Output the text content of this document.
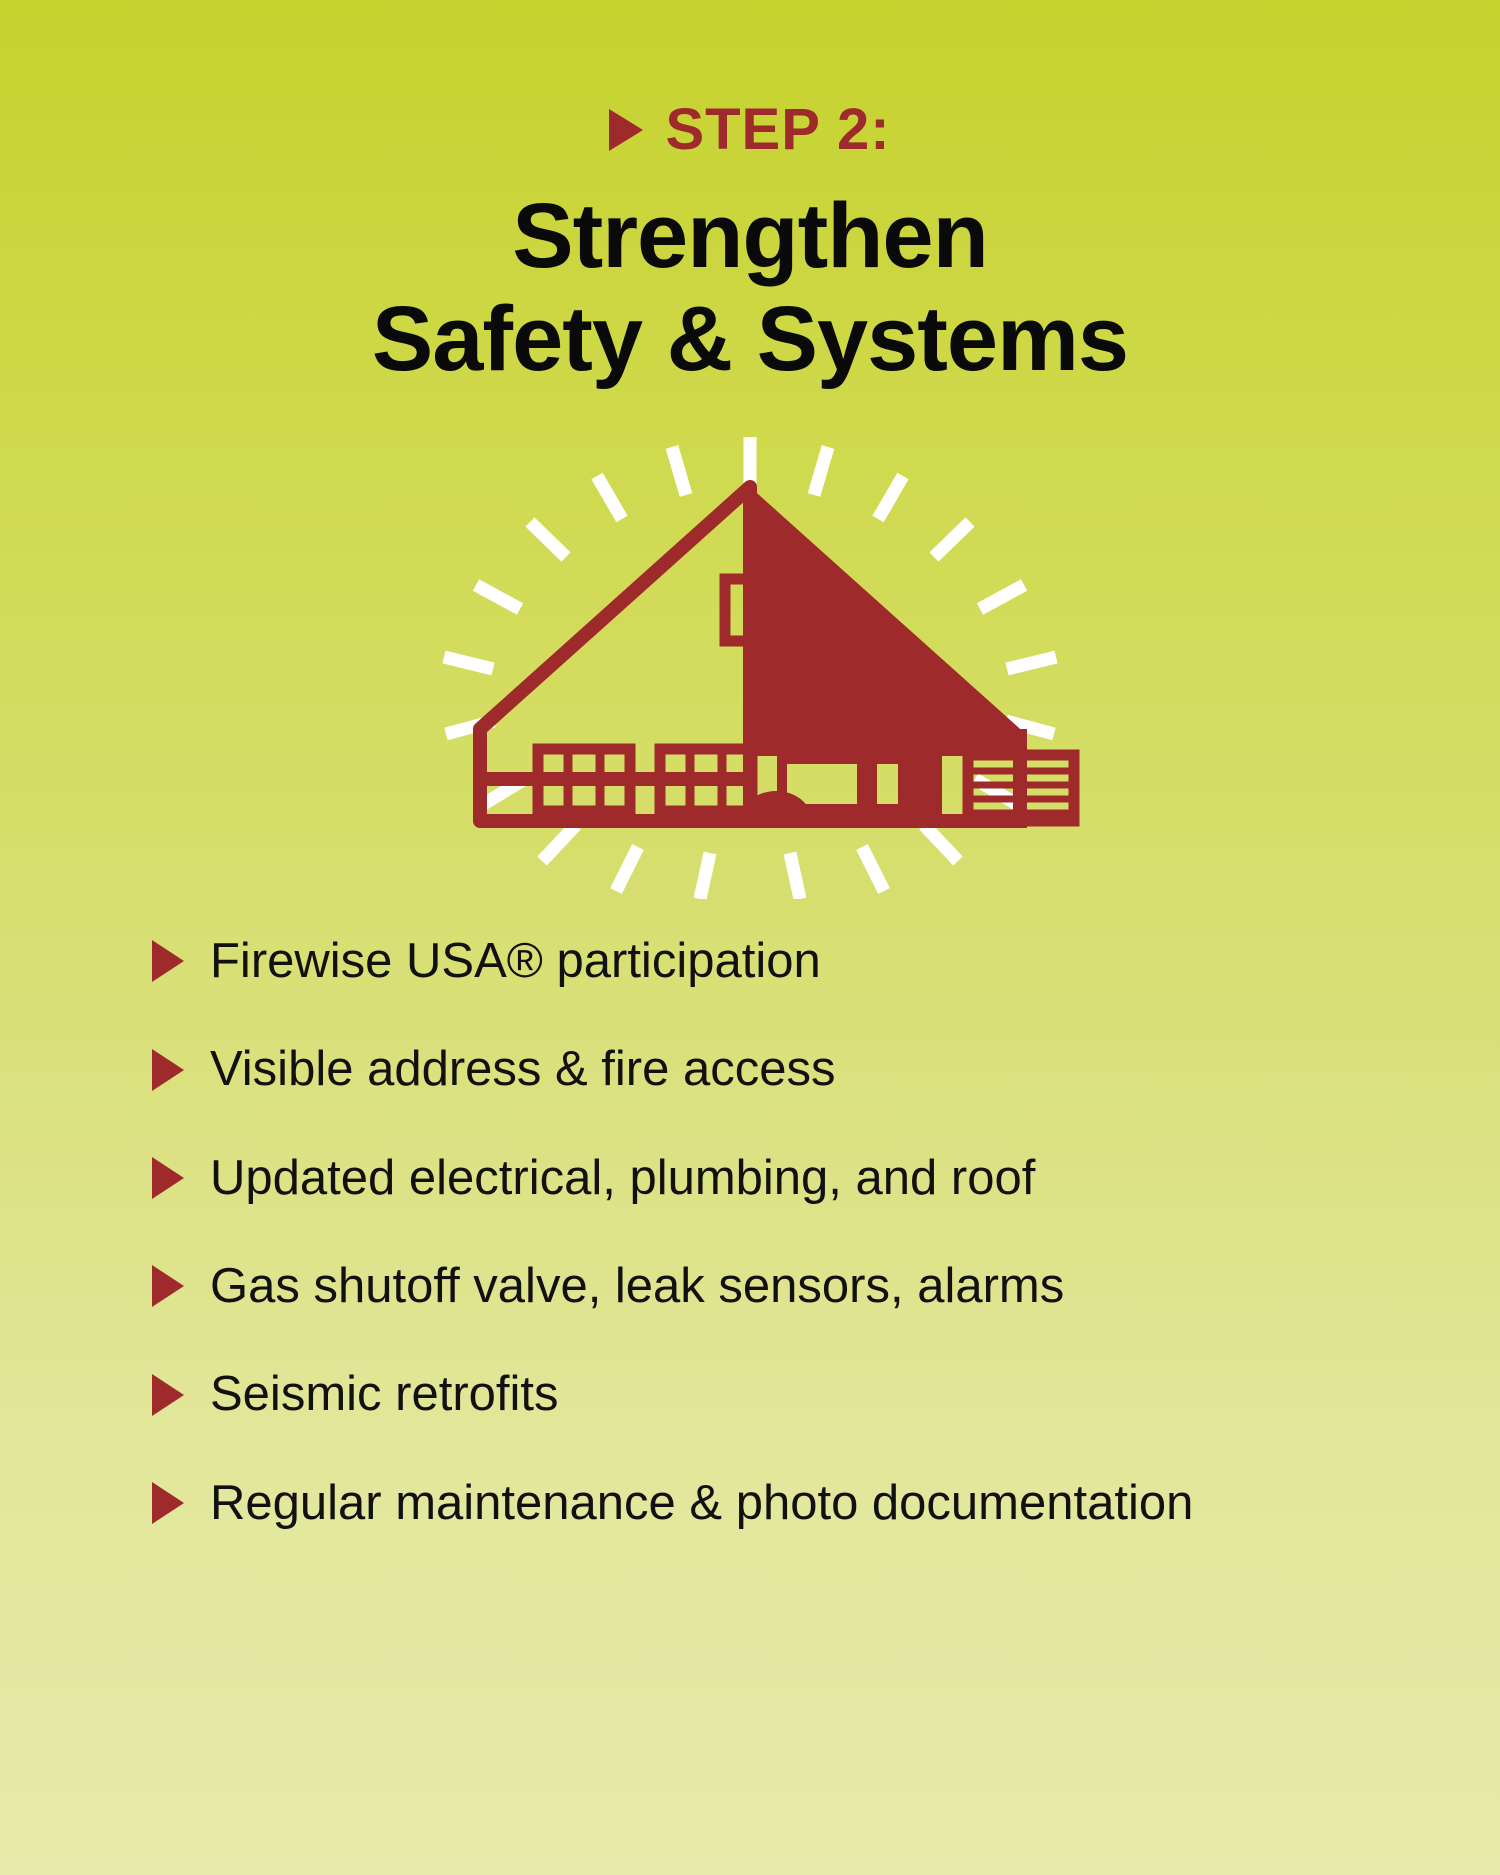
STEP 2:
Strengthen
Safety & Systems
Firewise USA® participation
Visible address & fire access
Updated electrical, plumbing, and roof
Gas shutoff valve, leak sensors, alarms
Seismic retrofits
Regular maintenance & photo documentation
